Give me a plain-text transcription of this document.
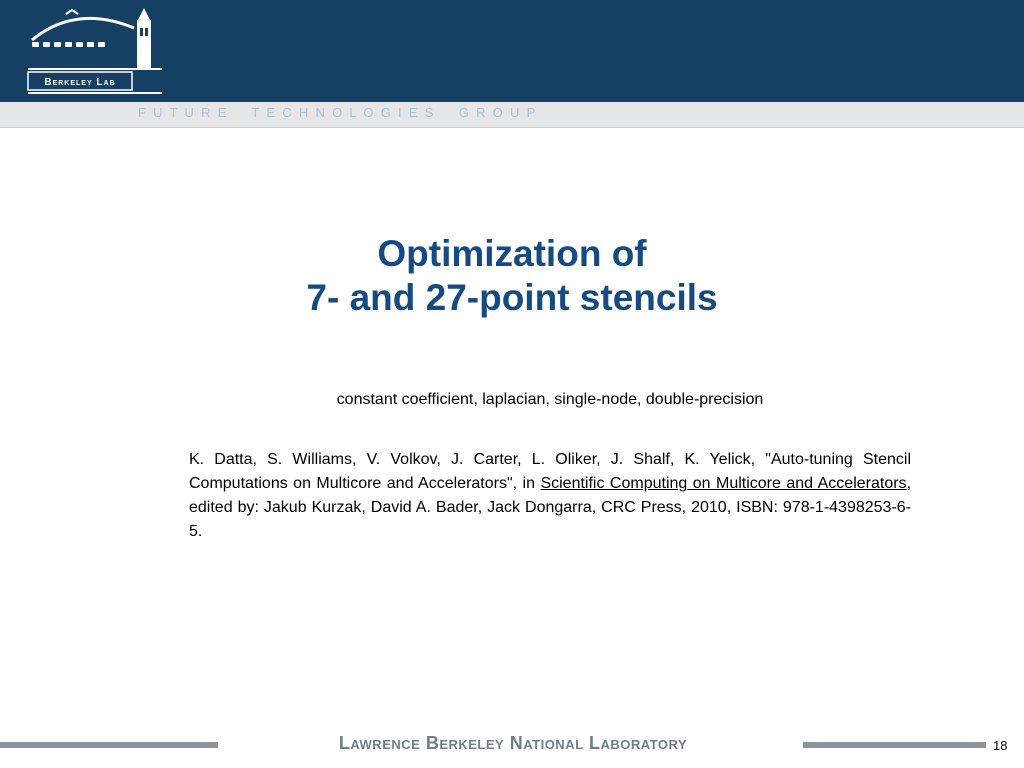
Berkeley Lab

F  U  T  U  R  E       T  E  C  H  N  O  L  O  G  I  E  S       G  R  O  U  P

Optimization of
7- and 27-point stencils

constant coefficient, laplacian, single-node, double-precision

K. Datta, S. Williams, V. Volkov, J. Carter, L. Oliker, J. Shalf, K. Yelick, "Auto-tuning Stencil Computations on Multicore and Accelerators", in Scientific Computing on Multicore and Accelerators, edited by: Jakub Kurzak, David A. Bader, Jack Dongarra, CRC Press, 2010, ISBN: 978-1-4398253-6-5.

Lawrence Berkeley National Laboratory	18
